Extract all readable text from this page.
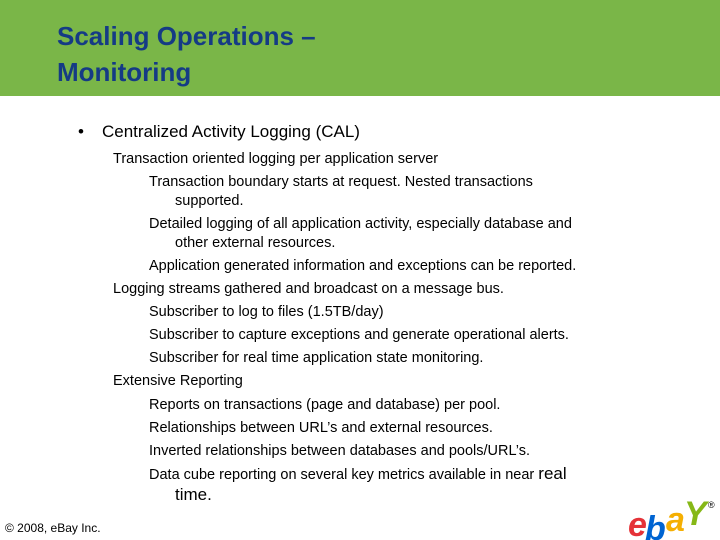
Scaling Operations –
Monitoring
• Centralized Activity Logging (CAL)
Transaction oriented logging per application server
Transaction boundary starts at request. Nested transactions
supported.
Detailed logging of all application activity, especially database and
other external resources.
Application generated information and exceptions can be reported.
Logging streams gathered and broadcast on a message bus.
Subscriber to log to files (1.5TB/day)
Subscriber to capture exceptions and generate operational alerts.
Subscriber for real time application state monitoring.
Extensive Reporting
Reports on transactions (page and database) per pool.
Relationships between URL’s and external resources.
Inverted relationships between databases and pools/URL’s.
Data cube reporting on several key metrics available in near real
time.
© 2008, eBay Inc.	e
b a Y ®
